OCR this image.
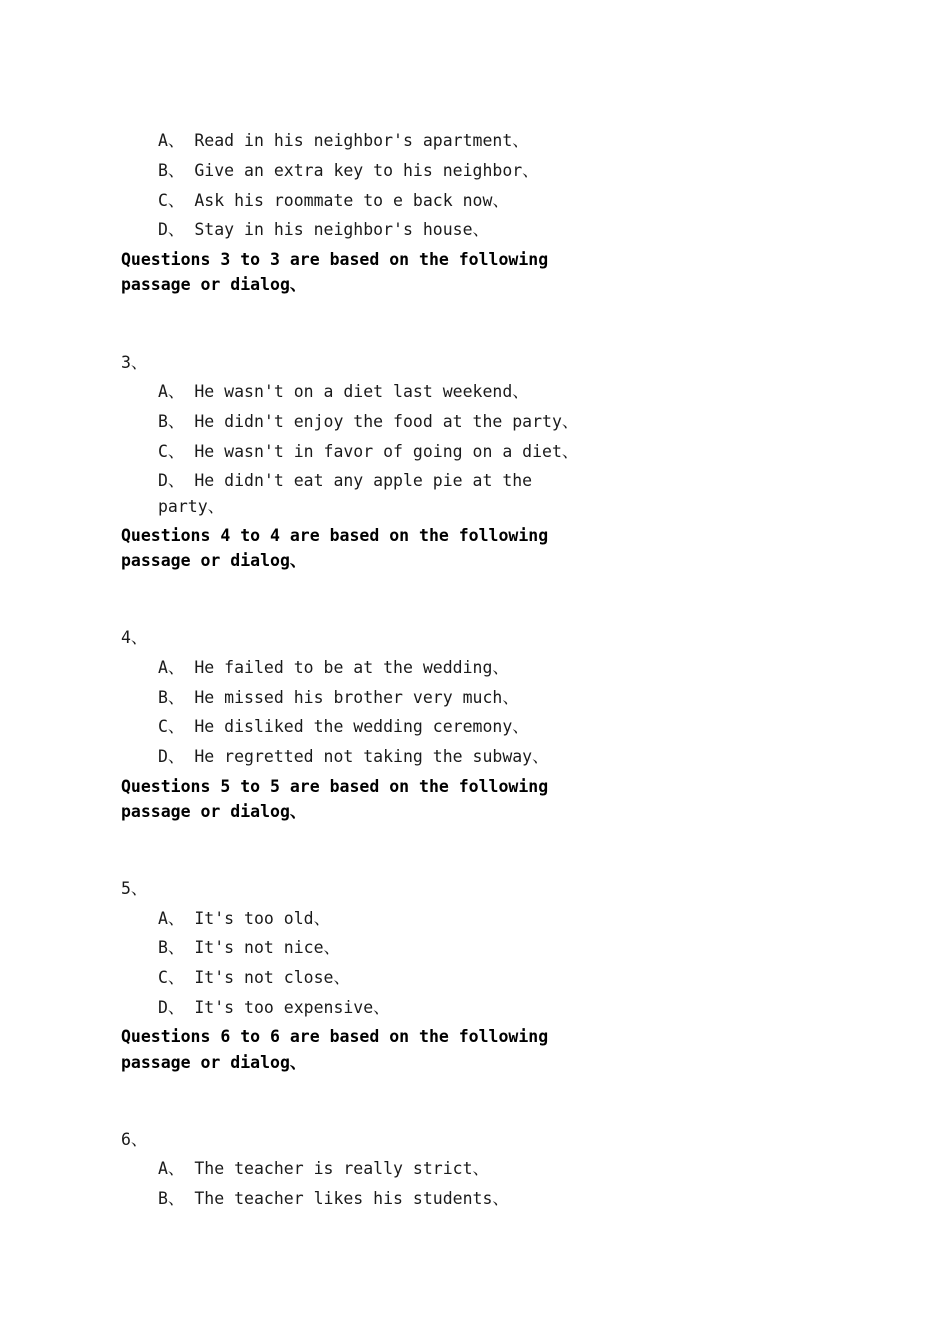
A、 Read in his neighbor's apartment、
B、 Give an extra key to his neighbor、
C、 Ask his roommate to e back now、
D、 Stay in his neighbor's house、
Questions 3 to 3 are based on the following
passage or dialog、
3、
A、 He wasn't on a diet last weekend、
B、 He didn't enjoy the food at the party、
C、 He wasn't in favor of going on a diet、
D、 He didn't eat any apple pie at the
party、
Questions 4 to 4 are based on the following
passage or dialog、
4、
A、 He failed to be at the wedding、
B、 He missed his brother very much、
C、 He disliked the wedding ceremony、
D、 He regretted not taking the subway、
Questions 5 to 5 are based on the following
passage or dialog、
5、
A、 It's too old、
B、 It's not nice、
C、 It's not close、
D、 It's too expensive、
Questions 6 to 6 are based on the following
passage or dialog、
6、
A、 The teacher is really strict、
B、 The teacher likes his students、
